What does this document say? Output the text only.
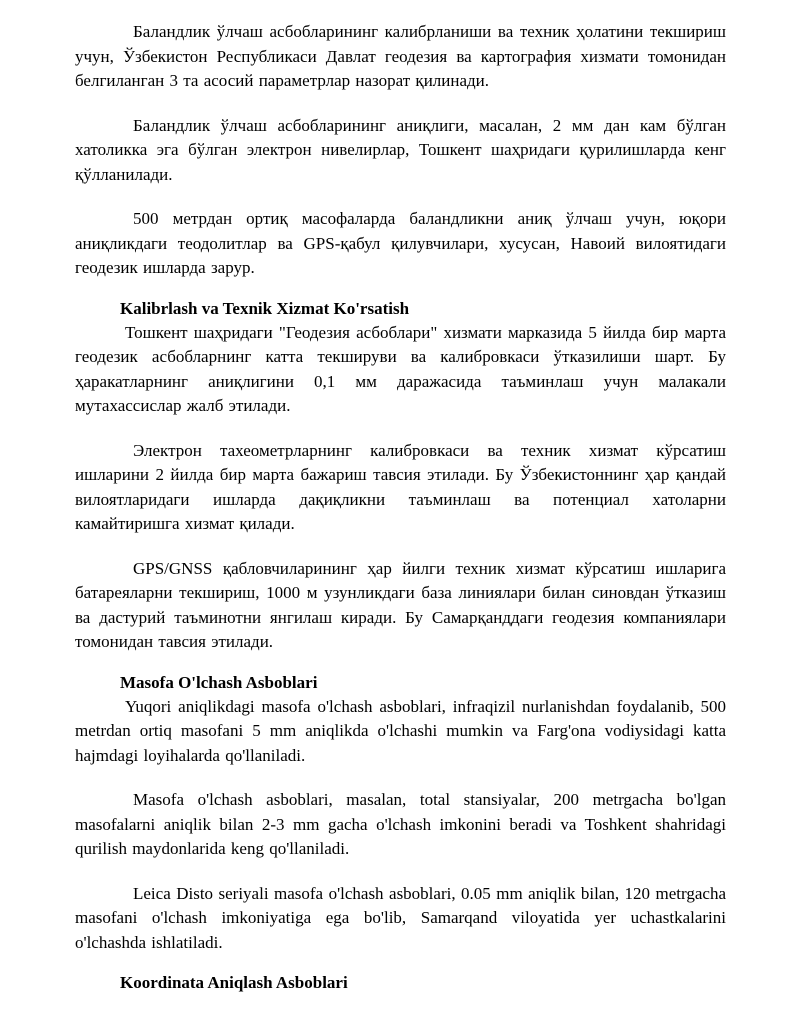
Баландлик ўлчаш асбобларининг калибрланиши ва техник ҳолатини текшириш учун, Ўзбекистон Республикаси Давлат геодезия ва картография хизмати томонидан белгиланган 3 та асосий параметрлар назорат қилинади.

Баландлик ўлчаш асбобларининг аниқлиги, масалан, 2 мм дан кам бўлган хатоликка эга бўлган электрон нивелирлар, Тошкент шаҳридаги қурилишларда кенг қўлланилади.

500 метрдан ортиқ масофаларда баландликни аниқ ўлчаш учун, юқори аниқликдаги теодолитлар ва GPS-қабул қилувчилари, хусусан, Навоий вилоятидаги геодезик ишларда зарур.

Kalibrlash va Texnik Xizmat Ko'rsatish

Тошкент шаҳридаги "Геодезия асбоблари" хизмати марказида 5 йилда бир марта геодезик асбобларнинг катта текшируви ва калибровкаси ўтказилиши шарт. Бу ҳаракатларнинг аниқлигини 0,1 мм даражасида таъминлаш учун малакали мутахассислар жалб этилади.

Электрон тахеометрларнинг калибровкаси ва техник хизмат кўрсатиш ишларини 2 йилда бир марта бажариш тавсия этилади. Бу Ўзбекистоннинг ҳар қандай вилоятларидаги ишларда дақиқликни таъминлаш ва потенциал хатоларни камайтиришга хизмат қилади.

GPS/GNSS қабловчиларининг ҳар йилги техник хизмат кўрсатиш ишларига батареяларни текшириш, 1000 м узунликдаги база линиялари билан синовдан ўтказиш ва дастурий таъминотни янгилаш киради. Бу Самарқанддаги геодезия компаниялари томонидан тавсия этилади.

Masofa O'lchash Asboblari

Yuqori aniqlikdagi masofa o'lchash asboblari, infraqizil nurlanishdan foydalanib, 500 metrdan ortiq masofani 5 mm aniqlikda o'lchashi mumkin va Farg'ona vodiysidagi katta hajmdagi loyihalarda qo'llaniladi.

Masofa o'lchash asboblari, masalan, total stansiyalar, 200 metrgacha bo'lgan masofalarni aniqlik bilan 2-3 mm gacha o'lchash imkonini beradi va Toshkent shahridagi qurilish maydonlarida keng qo'llaniladi.

Leica Disto seriyali masofa o'lchash asboblari, 0.05 mm aniqlik bilan, 120 metrgacha masofani o'lchash imkoniyatiga ega bo'lib, Samarqand viloyatida yer uchastkalarini o'lchashda ishlatiladi.

Koordinata Aniqlash Asboblari
